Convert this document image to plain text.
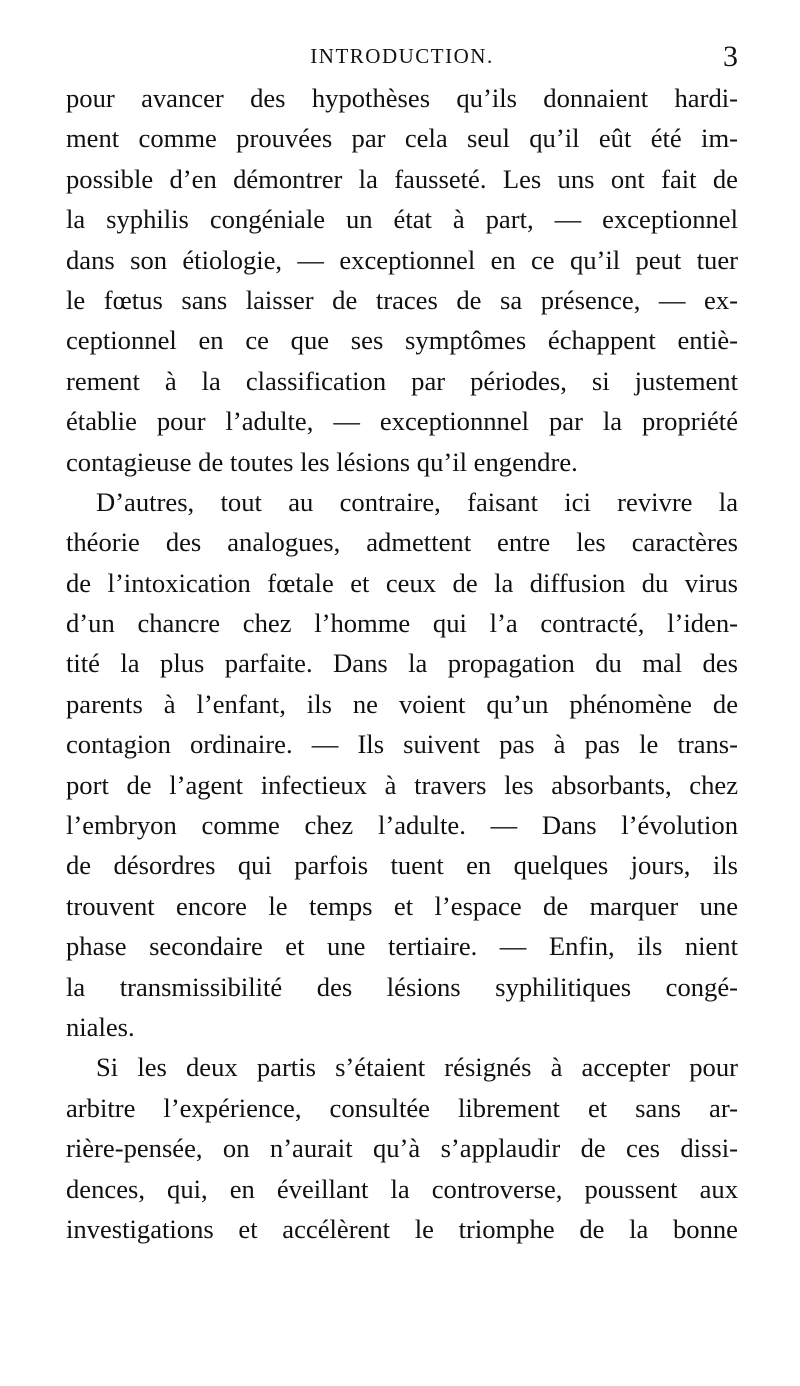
INTRODUCTION.	3
pour avancer des hypothèses qu’ils donnaient hardi-
ment comme prouvées par cela seul qu’il eût été im-
possible d’en démontrer la fausseté. Les uns ont fait de
la syphilis congéniale un état à part, — exceptionnel
dans son étiologie, — exceptionnel en ce qu’il peut tuer
le fœtus sans laisser de traces de sa présence, — ex-
ceptionnel en ce que ses symptômes échappent entiè-
rement à la classification par périodes, si justement
établie pour l’adulte, — exceptionnnel par la propriété
contagieuse de toutes les lésions qu’il engendre.
D’autres, tout au contraire, faisant ici revivre la
théorie des analogues, admettent entre les caractères
de l’intoxication fœtale et ceux de la diffusion du virus
d’un chancre chez l’homme qui l’a contracté, l’iden-
tité la plus parfaite. Dans la propagation du mal des
parents à l’enfant, ils ne voient qu’un phénomène de
contagion ordinaire. — Ils suivent pas à pas le trans-
port de l’agent infectieux à travers les absorbants, chez
l’embryon comme chez l’adulte. — Dans l’évolution
de désordres qui parfois tuent en quelques jours, ils
trouvent encore le temps et l’espace de marquer une
phase secondaire et une tertiaire. — Enfin, ils nient
la transmissibilité des lésions syphilitiques congé-
niales.
Si les deux partis s’étaient résignés à accepter pour
arbitre l’expérience, consultée librement et sans ar-
rière-pensée, on n’aurait qu’à s’applaudir de ces dissi-
dences, qui, en éveillant la controverse, poussent aux
investigations et accélèrent le triomphe de la bonne
